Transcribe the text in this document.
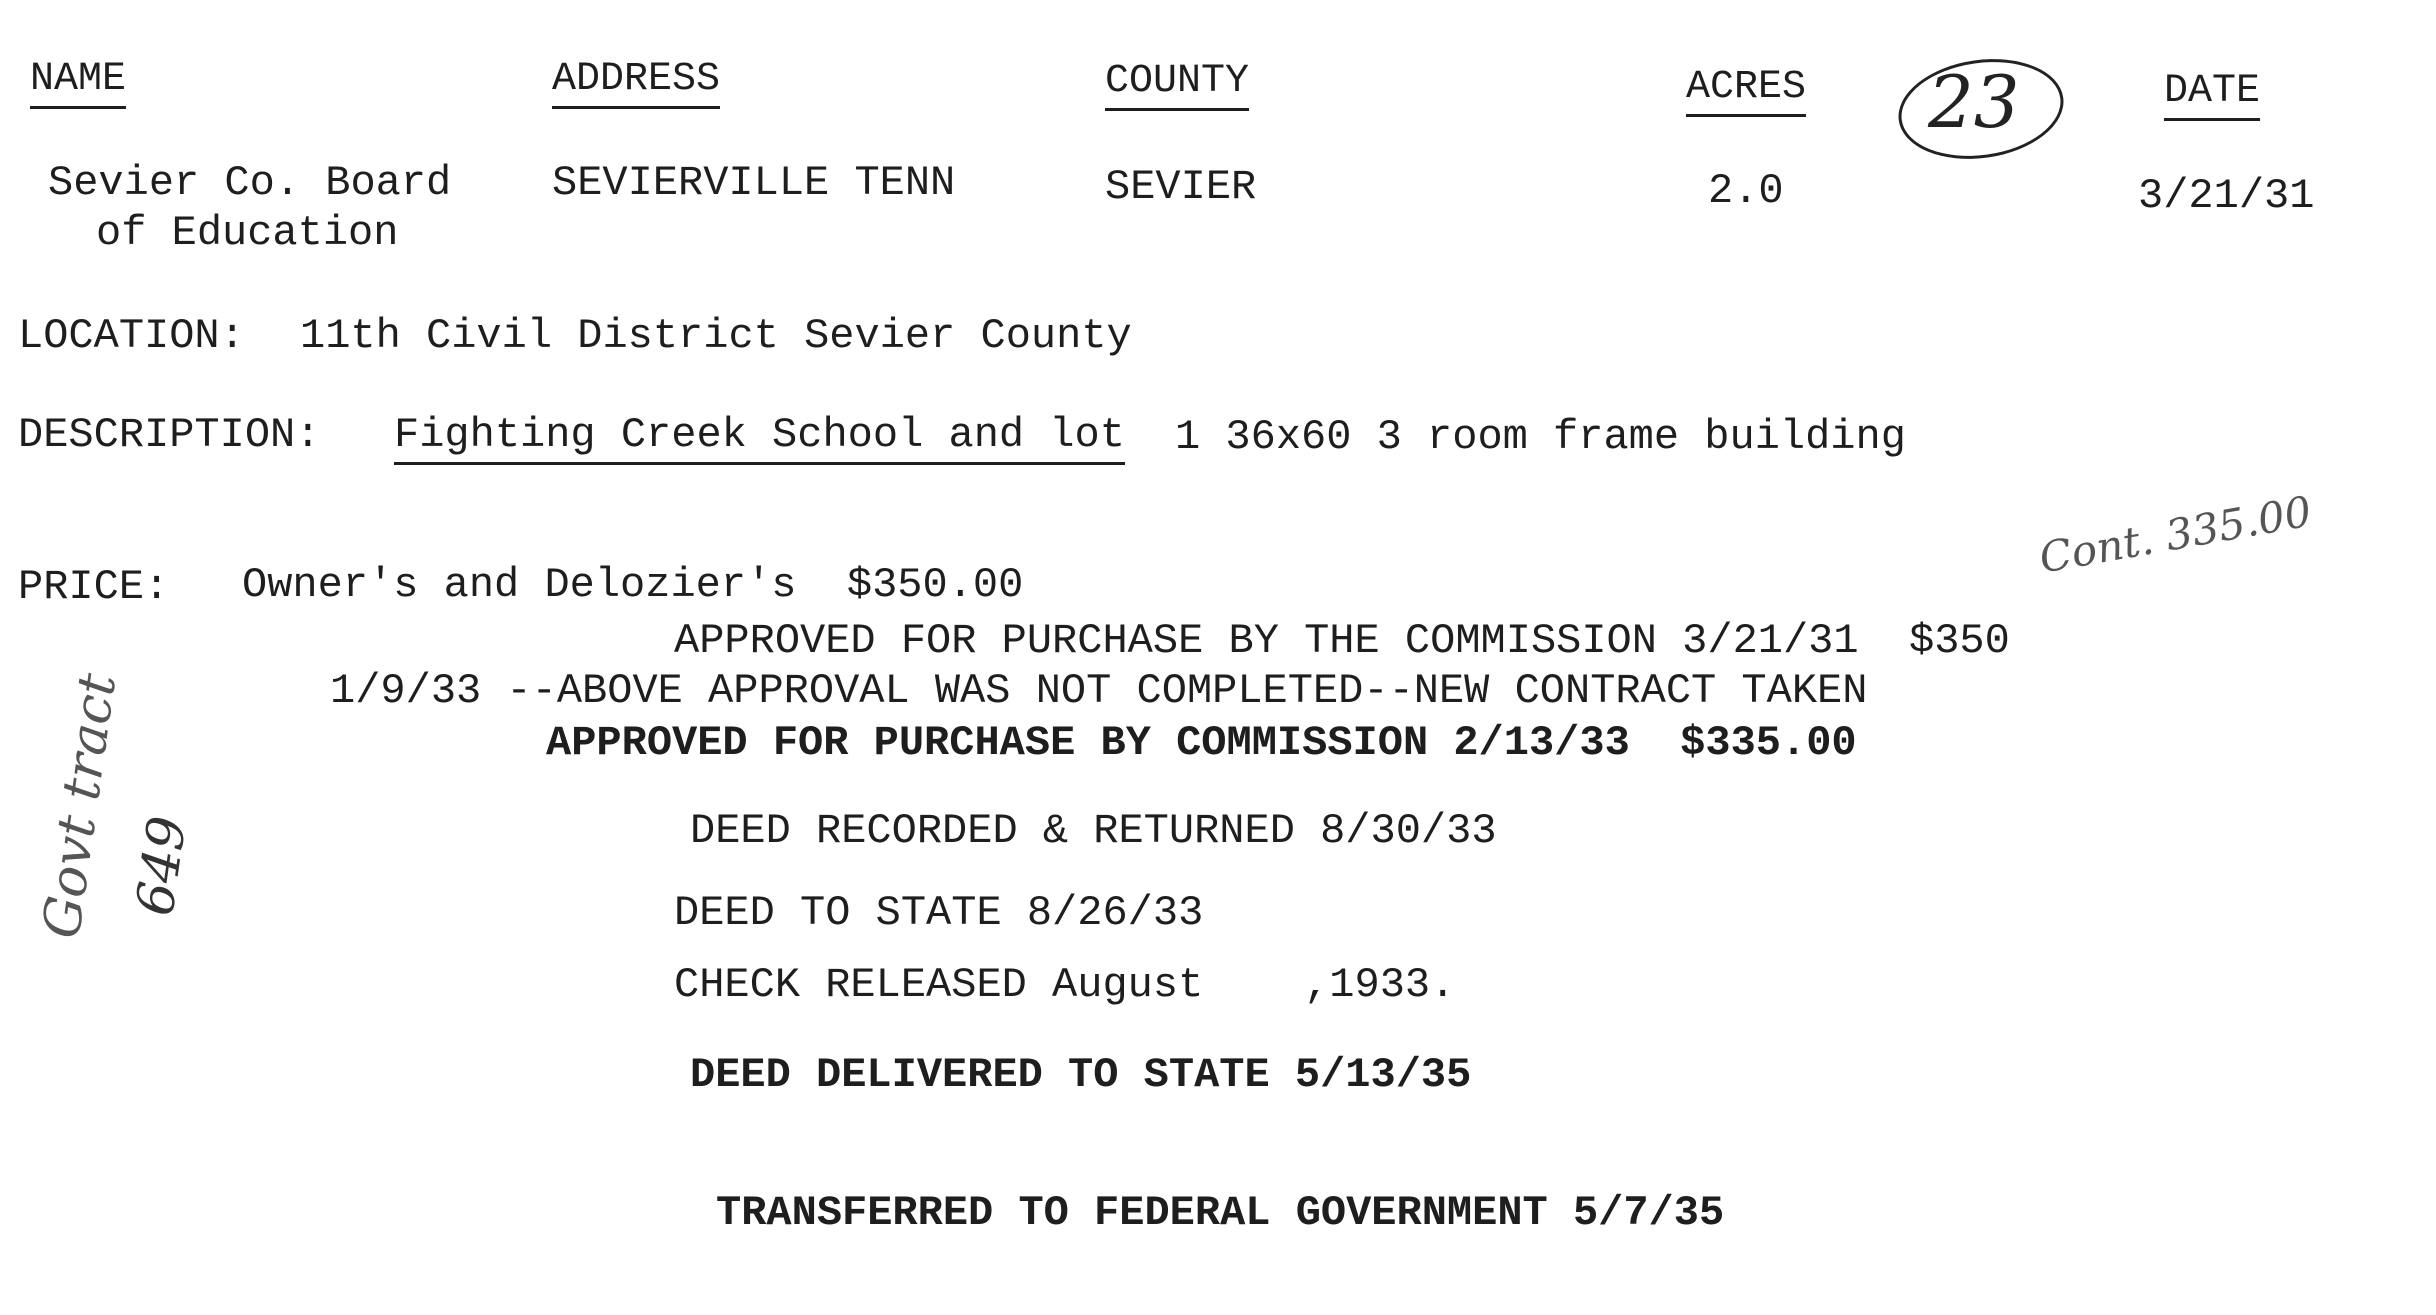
NAME	ADDRESS	COUNTY	ACRES	DATE
23
Sevier Co. Board
of Education
SEVIERVILLE TENN	SEVIER	2.0	3/21/31
LOCATION: 11th Civil District Sevier County
DESCRIPTION: Fighting Creek School and lot 1 36x60 3 room frame building
PRICE: Owner's and Delozier's  $350.00
Cont. 335.00
Govt tract
649
APPROVED FOR PURCHASE BY THE COMMISSION 3/21/31  $350
1/9/33 --ABOVE APPROVAL WAS NOT COMPLETED--NEW CONTRACT TAKEN
APPROVED FOR PURCHASE BY COMMISSION 2/13/33  $335.00
DEED RECORDED & RETURNED 8/30/33
DEED TO STATE 8/26/33
CHECK RELEASED August    ,1933.
DEED DELIVERED TO STATE 5/13/35
TRANSFERRED TO FEDERAL GOVERNMENT 5/7/35
